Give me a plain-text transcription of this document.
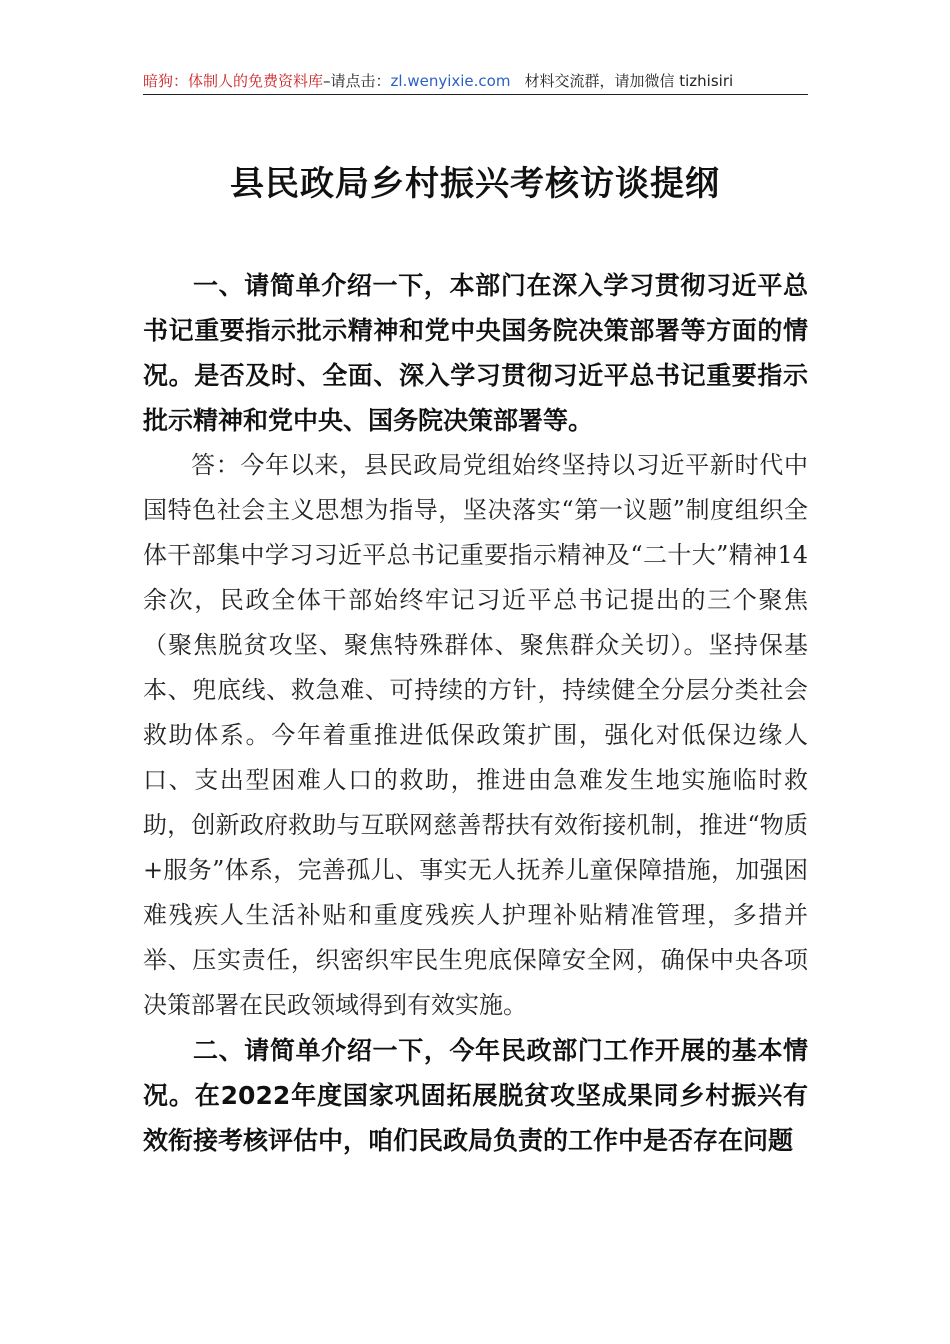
暗狗：体制人的免费资料库–请点击：zl.wenyixie.com 材料交流群，请加微信 tizhisiri
县民政局乡村振兴考核访谈提纲

一、请简单介绍一下，本部门在深入学习贯彻习近平总书记重要指示批示精神和党中央国务院决策部署等方面的情况。是否及时、全面、深入学习贯彻习近平总书记重要指示批示精神和党中央、国务院决策部署等。

答：今年以来，县民政局党组始终坚持以习近平新时代中国特色社会主义思想为指导，坚决落实“第一议题”制度组织全体干部集中学习习近平总书记重要指示精神及“二十大”精神14余次，民政全体干部始终牢记习近平总书记提出的三个聚焦（聚焦脱贫攻坚、聚焦特殊群体、聚焦群众关切）。坚持保基本、兜底线、救急难、可持续的方针，持续健全分层分类社会救助体系。今年着重推进低保政策扩围，强化对低保边缘人口、支出型困难人口的救助，推进由急难发生地实施临时救助，创新政府救助与互联网慈善帮扶有效衔接机制，推进“物质+服务”体系，完善孤儿、事实无人抚养儿童保障措施，加强困难残疾人生活补贴和重度残疾人护理补贴精准管理，多措并举、压实责任，织密织牢民生兜底保障安全网，确保中央各项决策部署在民政领域得到有效实施。

二、请简单介绍一下，今年民政部门工作开展的基本情况。在2022年度国家巩固拓展脱贫攻坚成果同乡村振兴有效衔接考核评估中，咱们民政局负责的工作中是否存在问题
